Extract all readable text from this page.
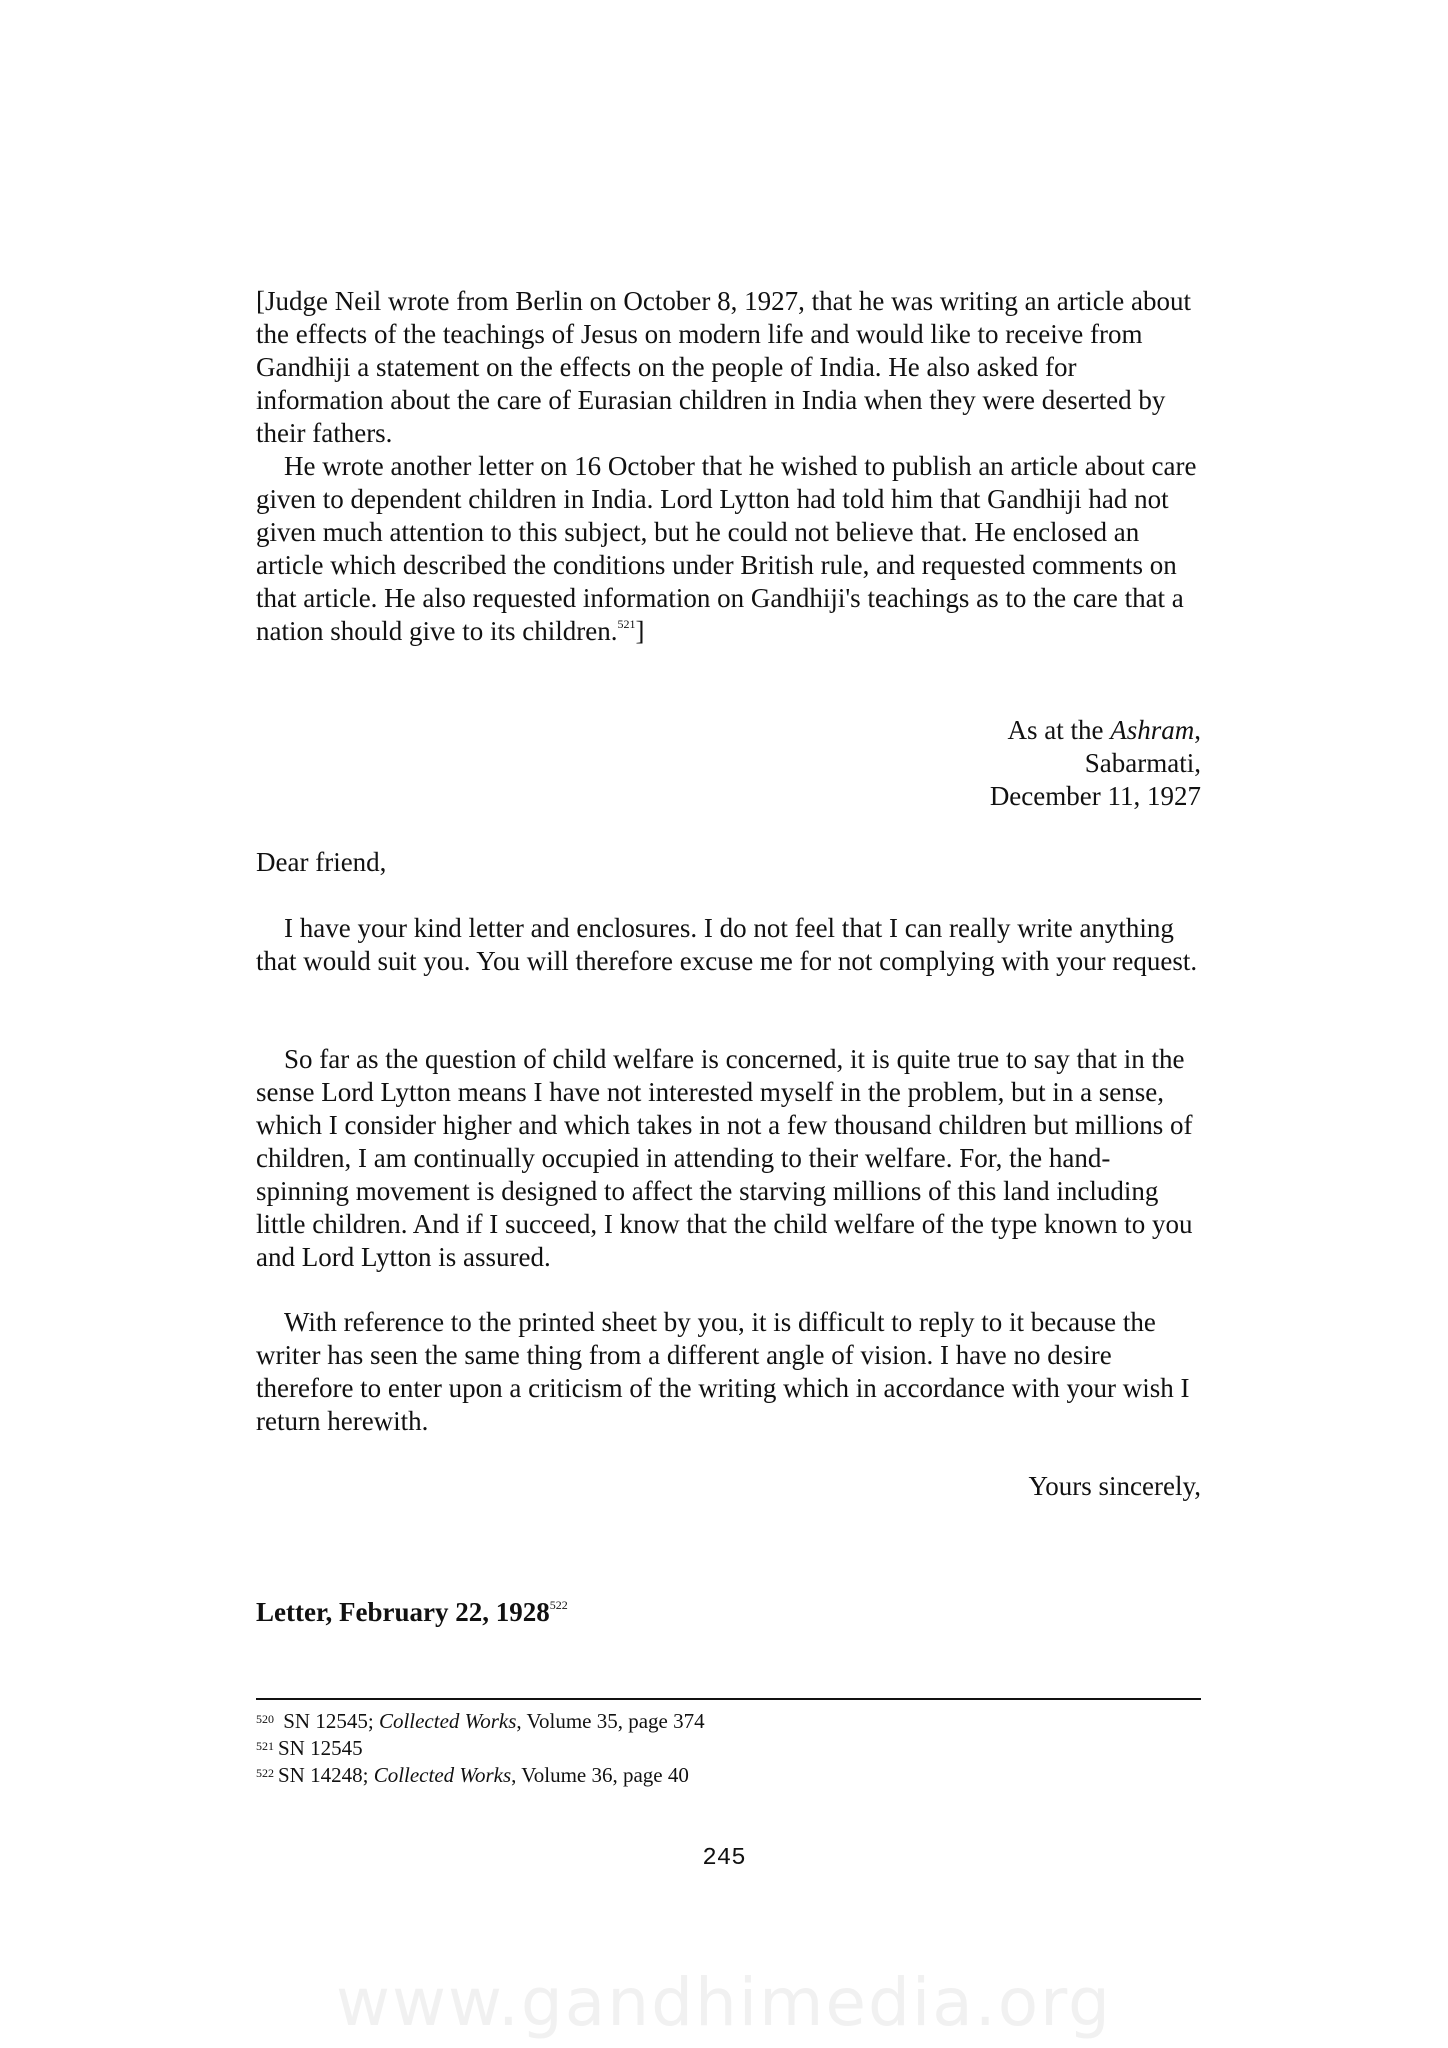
[Judge Neil wrote from Berlin on October 8, 1927, that he was writing an article about the effects of the teachings of Jesus on modern life and would like to receive from Gandhiji a statement on the effects on the people of India. He also asked for information about the care of Eurasian children in India when they were deserted by their fathers.

He wrote another letter on 16 October that he wished to publish an article about care given to dependent children in India. Lord Lytton had told him that Gandhiji had not given much attention to this subject, but he could not believe that. He enclosed an article which described the conditions under British rule, and requested comments on that article. He also requested information on Gandhiji's teachings as to the care that a nation should give to its children.$^{521}$]

As at the Ashram,
Sabarmati,
December 11, 1927

Dear friend,

I have your kind letter and enclosures. I do not feel that I can really write anything that would suit you. You will therefore excuse me for not complying with your request.

So far as the question of child welfare is concerned, it is quite true to say that in the sense Lord Lytton means I have not interested myself in the problem, but in a sense, which I consider higher and which takes in not a few thousand children but millions of children, I am continually occupied in attending to their welfare. For, the hand-spinning movement is designed to affect the starving millions of this land including little children. And if I succeed, I know that the child welfare of the type known to you and Lord Lytton is assured.

With reference to the printed sheet by you, it is difficult to reply to it because the writer has seen the same thing from a different angle of vision. I have no desire therefore to enter upon a criticism of the writing which in accordance with your wish I return herewith.

Yours sincerely,

Letter, February 22, 1928$^{522}$

$^{520}$ SN 12545; Collected Works, Volume 35, page 374
$^{521}$ SN 12545
$^{522}$ SN 14248; Collected Works, Volume 36, page 40
245
www.gandhimedia.org
